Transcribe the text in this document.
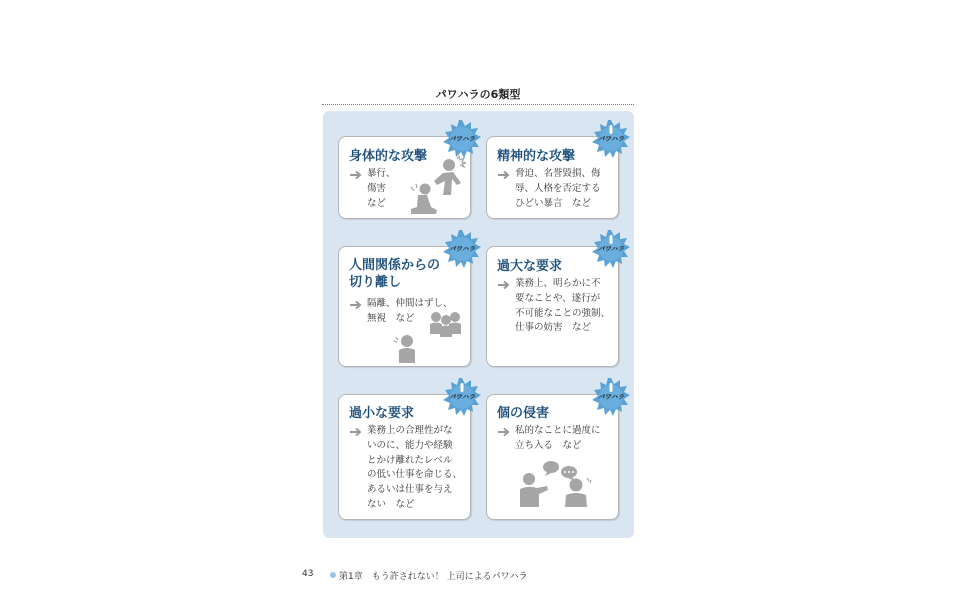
パワハラの6類型
身体的な攻撃
暴行、
傷害
など
パワハラ
精神的な攻撃
脅迫、名誉毀損、侮
辱、人格を否定する
ひどい暴言　など
パワハラ
人間関係からの
切り離し
隔離、仲間はずし、
無視　など
パワハラ
過大な要求
業務上、明らかに不
要なことや、遂行が
不可能なことの強制、
仕事の妨害　など
パワハラ
過小な要求
業務上の合理性がな
いのに、能力や経験
とかけ離れたレベル
の低い仕事を命じる、
あるいは仕事を与え
ない　など
パワハラ
個の侵害
私的なことに過度に
立ち入る　など
パワハラ
43	第1章　もう許されない！ 上司によるパワハラ
